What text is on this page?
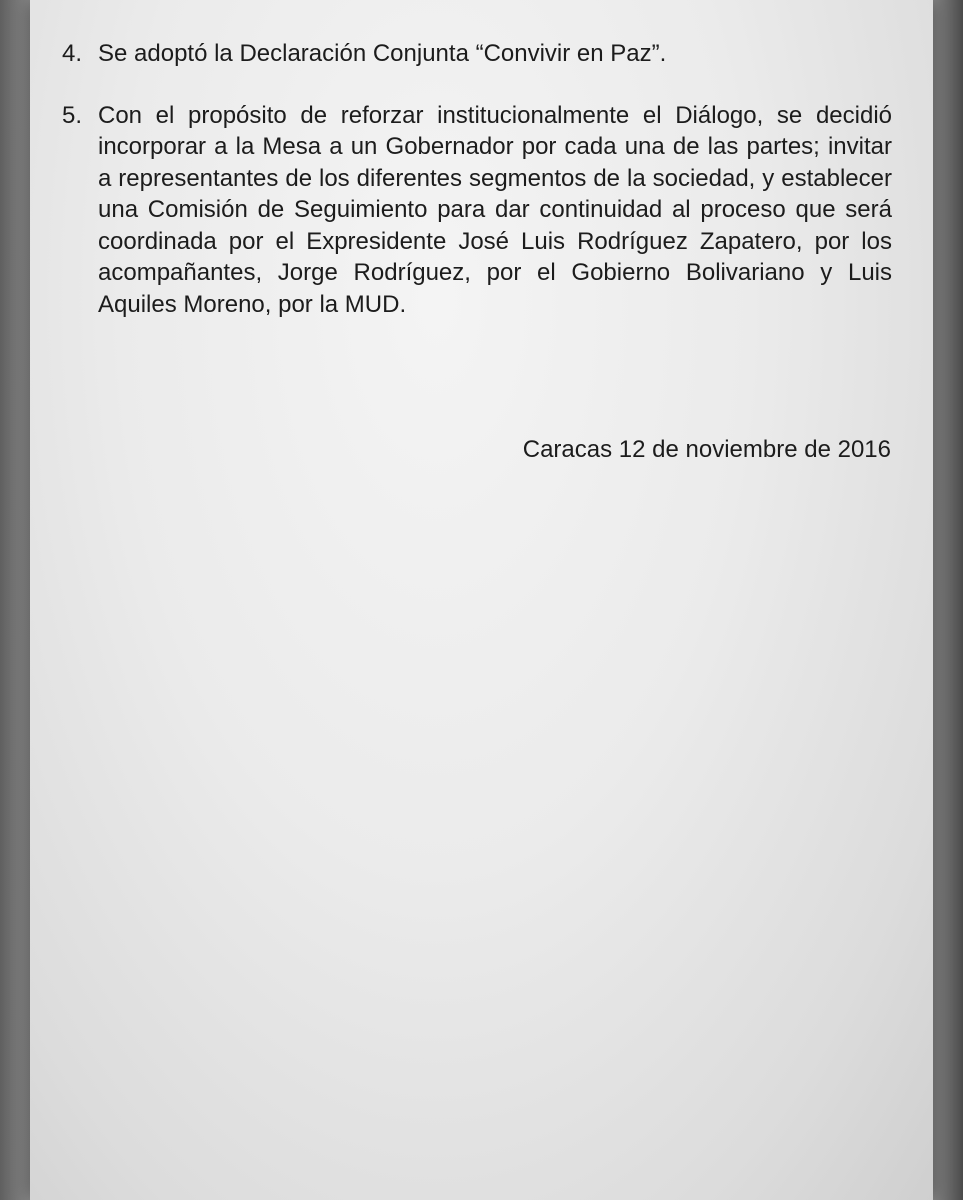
4. Se adoptó la Declaración Conjunta “Convivir en Paz”.
5. Con el propósito de reforzar institucionalmente el Diálogo, se decidió incorporar a la Mesa a un Gobernador por cada una de las partes; invitar a representantes de los diferentes segmentos de la sociedad, y establecer una Comisión de Seguimiento para dar continuidad al proceso que será coordinada por el Expresidente José Luis Rodríguez Zapatero, por los acompañantes, Jorge Rodríguez, por el Gobierno Bolivariano y Luis Aquiles Moreno, por la MUD.
Caracas 12 de noviembre de 2016
